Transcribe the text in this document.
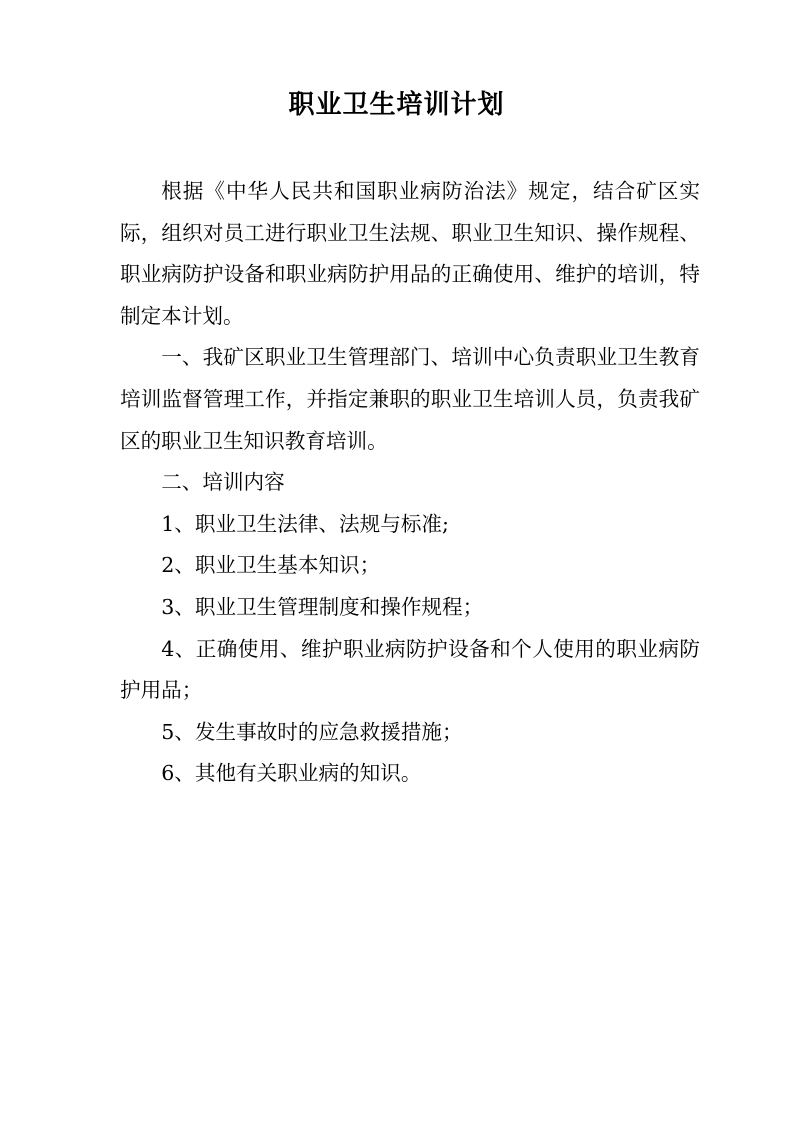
职业卫生培训计划

根据《中华人民共和国职业病防治法》规定，结合矿区实际，组织对员工进行职业卫生法规、职业卫生知识、操作规程、职业病防护设备和职业病防护用品的正确使用、维护的培训，特制定本计划。

一、我矿区职业卫生管理部门、培训中心负责职业卫生教育培训监督管理工作，并指定兼职的职业卫生培训人员，负责我矿区的职业卫生知识教育培训。

二、培训内容

1、职业卫生法律、法规与标准;

2、职业卫生基本知识；

3、职业卫生管理制度和操作规程；

4、正确使用、维护职业病防护设备和个人使用的职业病防护用品；

5、发生事故时的应急救援措施；

6、其他有关职业病的知识。
